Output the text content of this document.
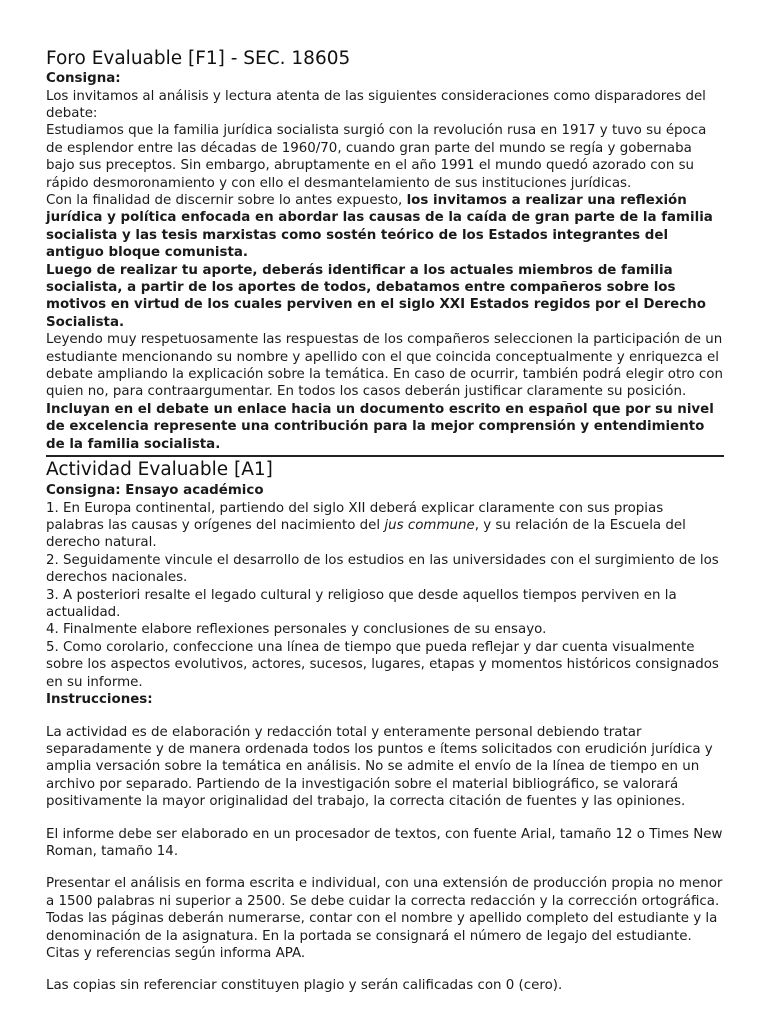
Foro Evaluable [F1] - SEC. 18605
Consigna:

Los invitamos al análisis y lectura atenta de las siguientes consideraciones como disparadores del debate:

Estudiamos que la familia jurídica socialista surgió con la revolución rusa en 1917 y tuvo su época de esplendor entre las décadas de 1960/70, cuando gran parte del mundo se regía y gobernaba bajo sus preceptos. Sin embargo, abruptamente en el año 1991 el mundo quedó azorado con su rápido desmoronamiento y con ello el desmantelamiento de sus instituciones jurídicas.

Con la finalidad de discernir sobre lo antes expuesto, los invitamos a realizar una reflexión jurídica y política enfocada en abordar las causas de la caída de gran parte de la familia socialista y las tesis marxistas como sostén teórico de los Estados integrantes del antiguo bloque comunista.

Luego de realizar tu aporte, deberás identificar a los actuales miembros de familia socialista, a partir de los aportes de todos, debatamos entre compañeros sobre los motivos en virtud de los cuales perviven en el siglo XXI Estados regidos por el Derecho Socialista.

Leyendo muy respetuosamente las respuestas de los compañeros seleccionen la participación de un estudiante mencionando su nombre y apellido con el que coincida conceptualmente y enriquezca el debate ampliando la explicación sobre la temática. En caso de ocurrir, también podrá elegir otro con quien no, para contraargumentar. En todos los casos deberán justificar claramente su posición.

Incluyan en el debate un enlace hacia un documento escrito en español que por su nivel de excelencia represente una contribución para la mejor comprensión y entendimiento de la familia socialista.

Actividad Evaluable [A1]
Consigna: Ensayo académico

1. En Europa continental, partiendo del siglo XII deberá explicar claramente con sus propias palabras las causas y orígenes del nacimiento del jus commune, y su relación de la Escuela del derecho natural.

2. Seguidamente vincule el desarrollo de los estudios en las universidades con el surgimiento de los derechos nacionales.

3. A posteriori resalte el legado cultural y religioso que desde aquellos tiempos perviven en la actualidad.

4. Finalmente elabore reflexiones personales y conclusiones de su ensayo.

5. Como corolario, confeccione una línea de tiempo que pueda reflejar y dar cuenta visualmente sobre los aspectos evolutivos, actores, sucesos, lugares, etapas y momentos históricos consignados en su informe.

Instrucciones:

La actividad es de elaboración y redacción total y enteramente personal debiendo tratar separadamente y de manera ordenada todos los puntos e ítems solicitados con erudición jurídica y amplia versación sobre la temática en análisis. No se admite el envío de la línea de tiempo en un archivo por separado. Partiendo de la investigación sobre el material bibliográfico, se valorará positivamente la mayor originalidad del trabajo, la correcta citación de fuentes y las opiniones.

El informe debe ser elaborado en un procesador de textos, con fuente Arial, tamaño 12 o Times New Roman, tamaño 14.

Presentar el análisis en forma escrita e individual, con una extensión de producción propia no menor a 1500 palabras ni superior a 2500. Se debe cuidar la correcta redacción y la corrección ortográfica. Todas las páginas deberán numerarse, contar con el nombre y apellido completo del estudiante y la denominación de la asignatura. En la portada se consignará el número de legajo del estudiante. Citas y referencias según informa APA.

Las copias sin referenciar constituyen plagio y serán calificadas con 0 (cero).
